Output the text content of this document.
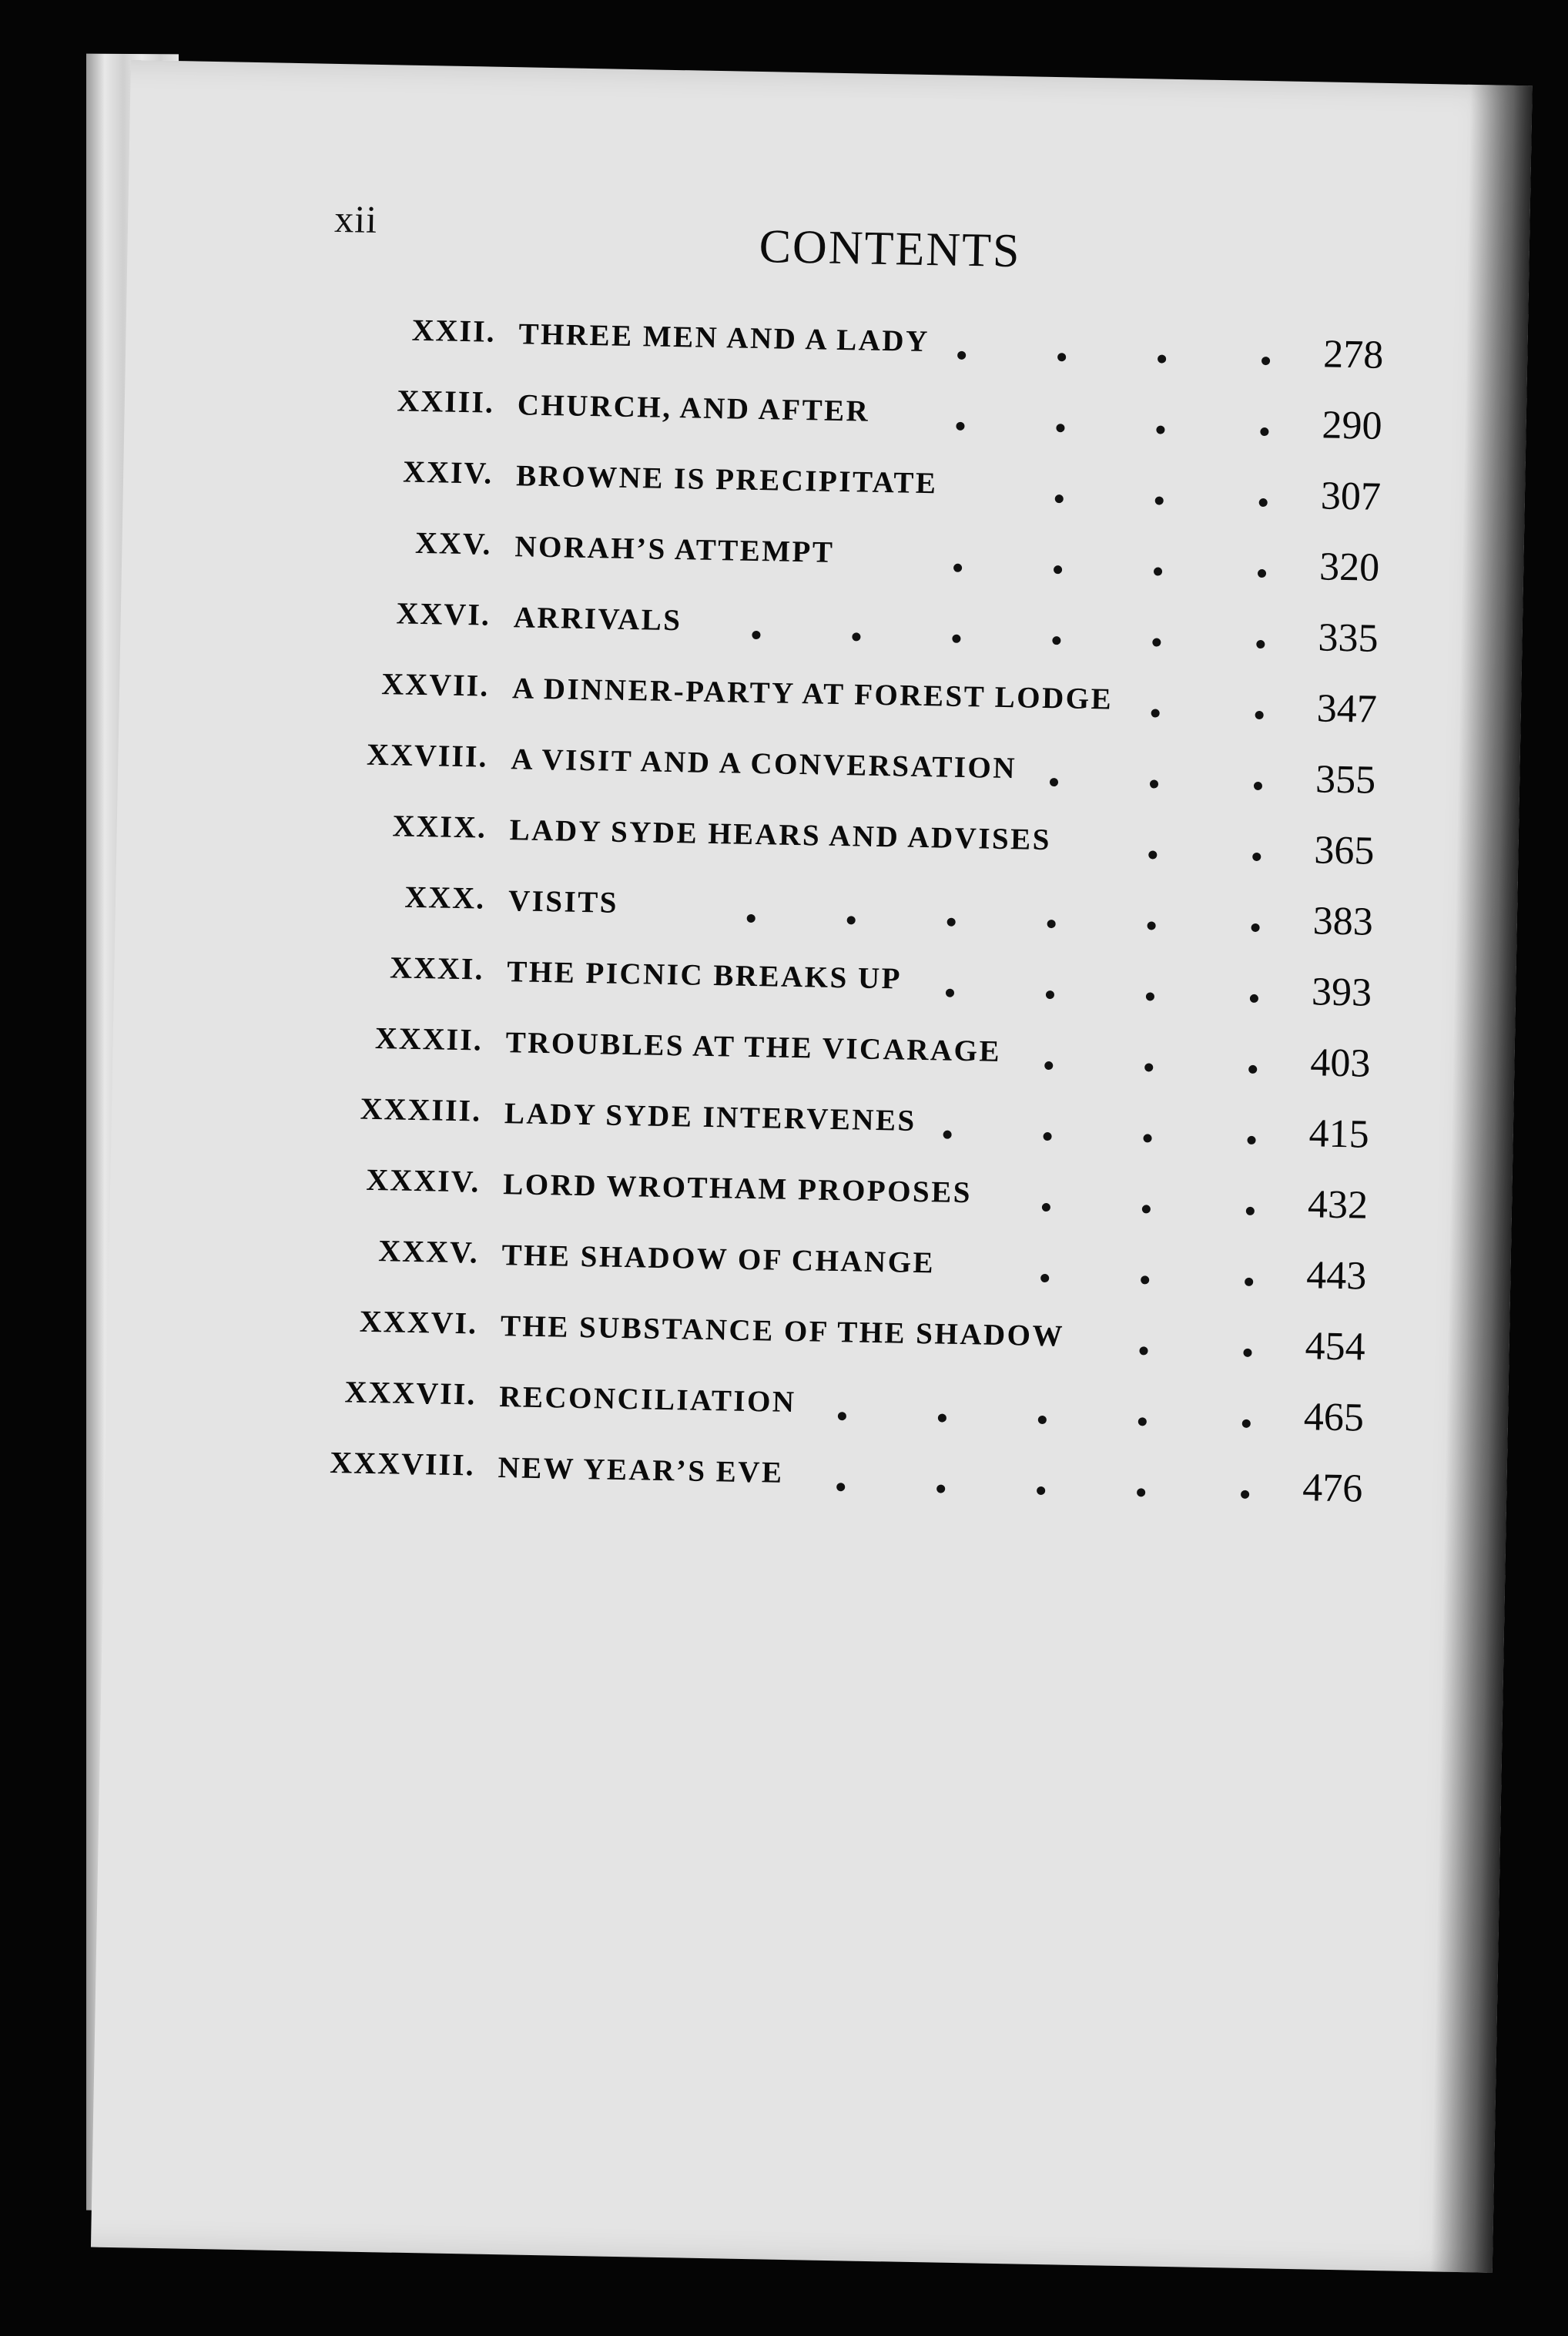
xii
CONTENTS
XXII. THREE MEN AND A LADY	278
XXIII. CHURCH, AND AFTER	290
XXIV. BROWNE IS PRECIPITATE	307
XXV. NORAH’S ATTEMPT	320
XXVI. ARRIVALS	335
XXVII. A DINNER-PARTY AT FOREST LODGE	347
XXVIII. A VISIT AND A CONVERSATION	355
XXIX. LADY SYDE HEARS AND ADVISES	365
XXX. VISITS	383
XXXI. THE PICNIC BREAKS UP	393
XXXII. TROUBLES AT THE VICARAGE	403
XXXIII. LADY SYDE INTERVENES	415
XXXIV. LORD WROTHAM PROPOSES	432
XXXV. THE SHADOW OF CHANGE	443
XXXVI. THE SUBSTANCE OF THE SHADOW	454
XXXVII. RECONCILIATION	465
XXXVIII. NEW YEAR’S EVE	476
